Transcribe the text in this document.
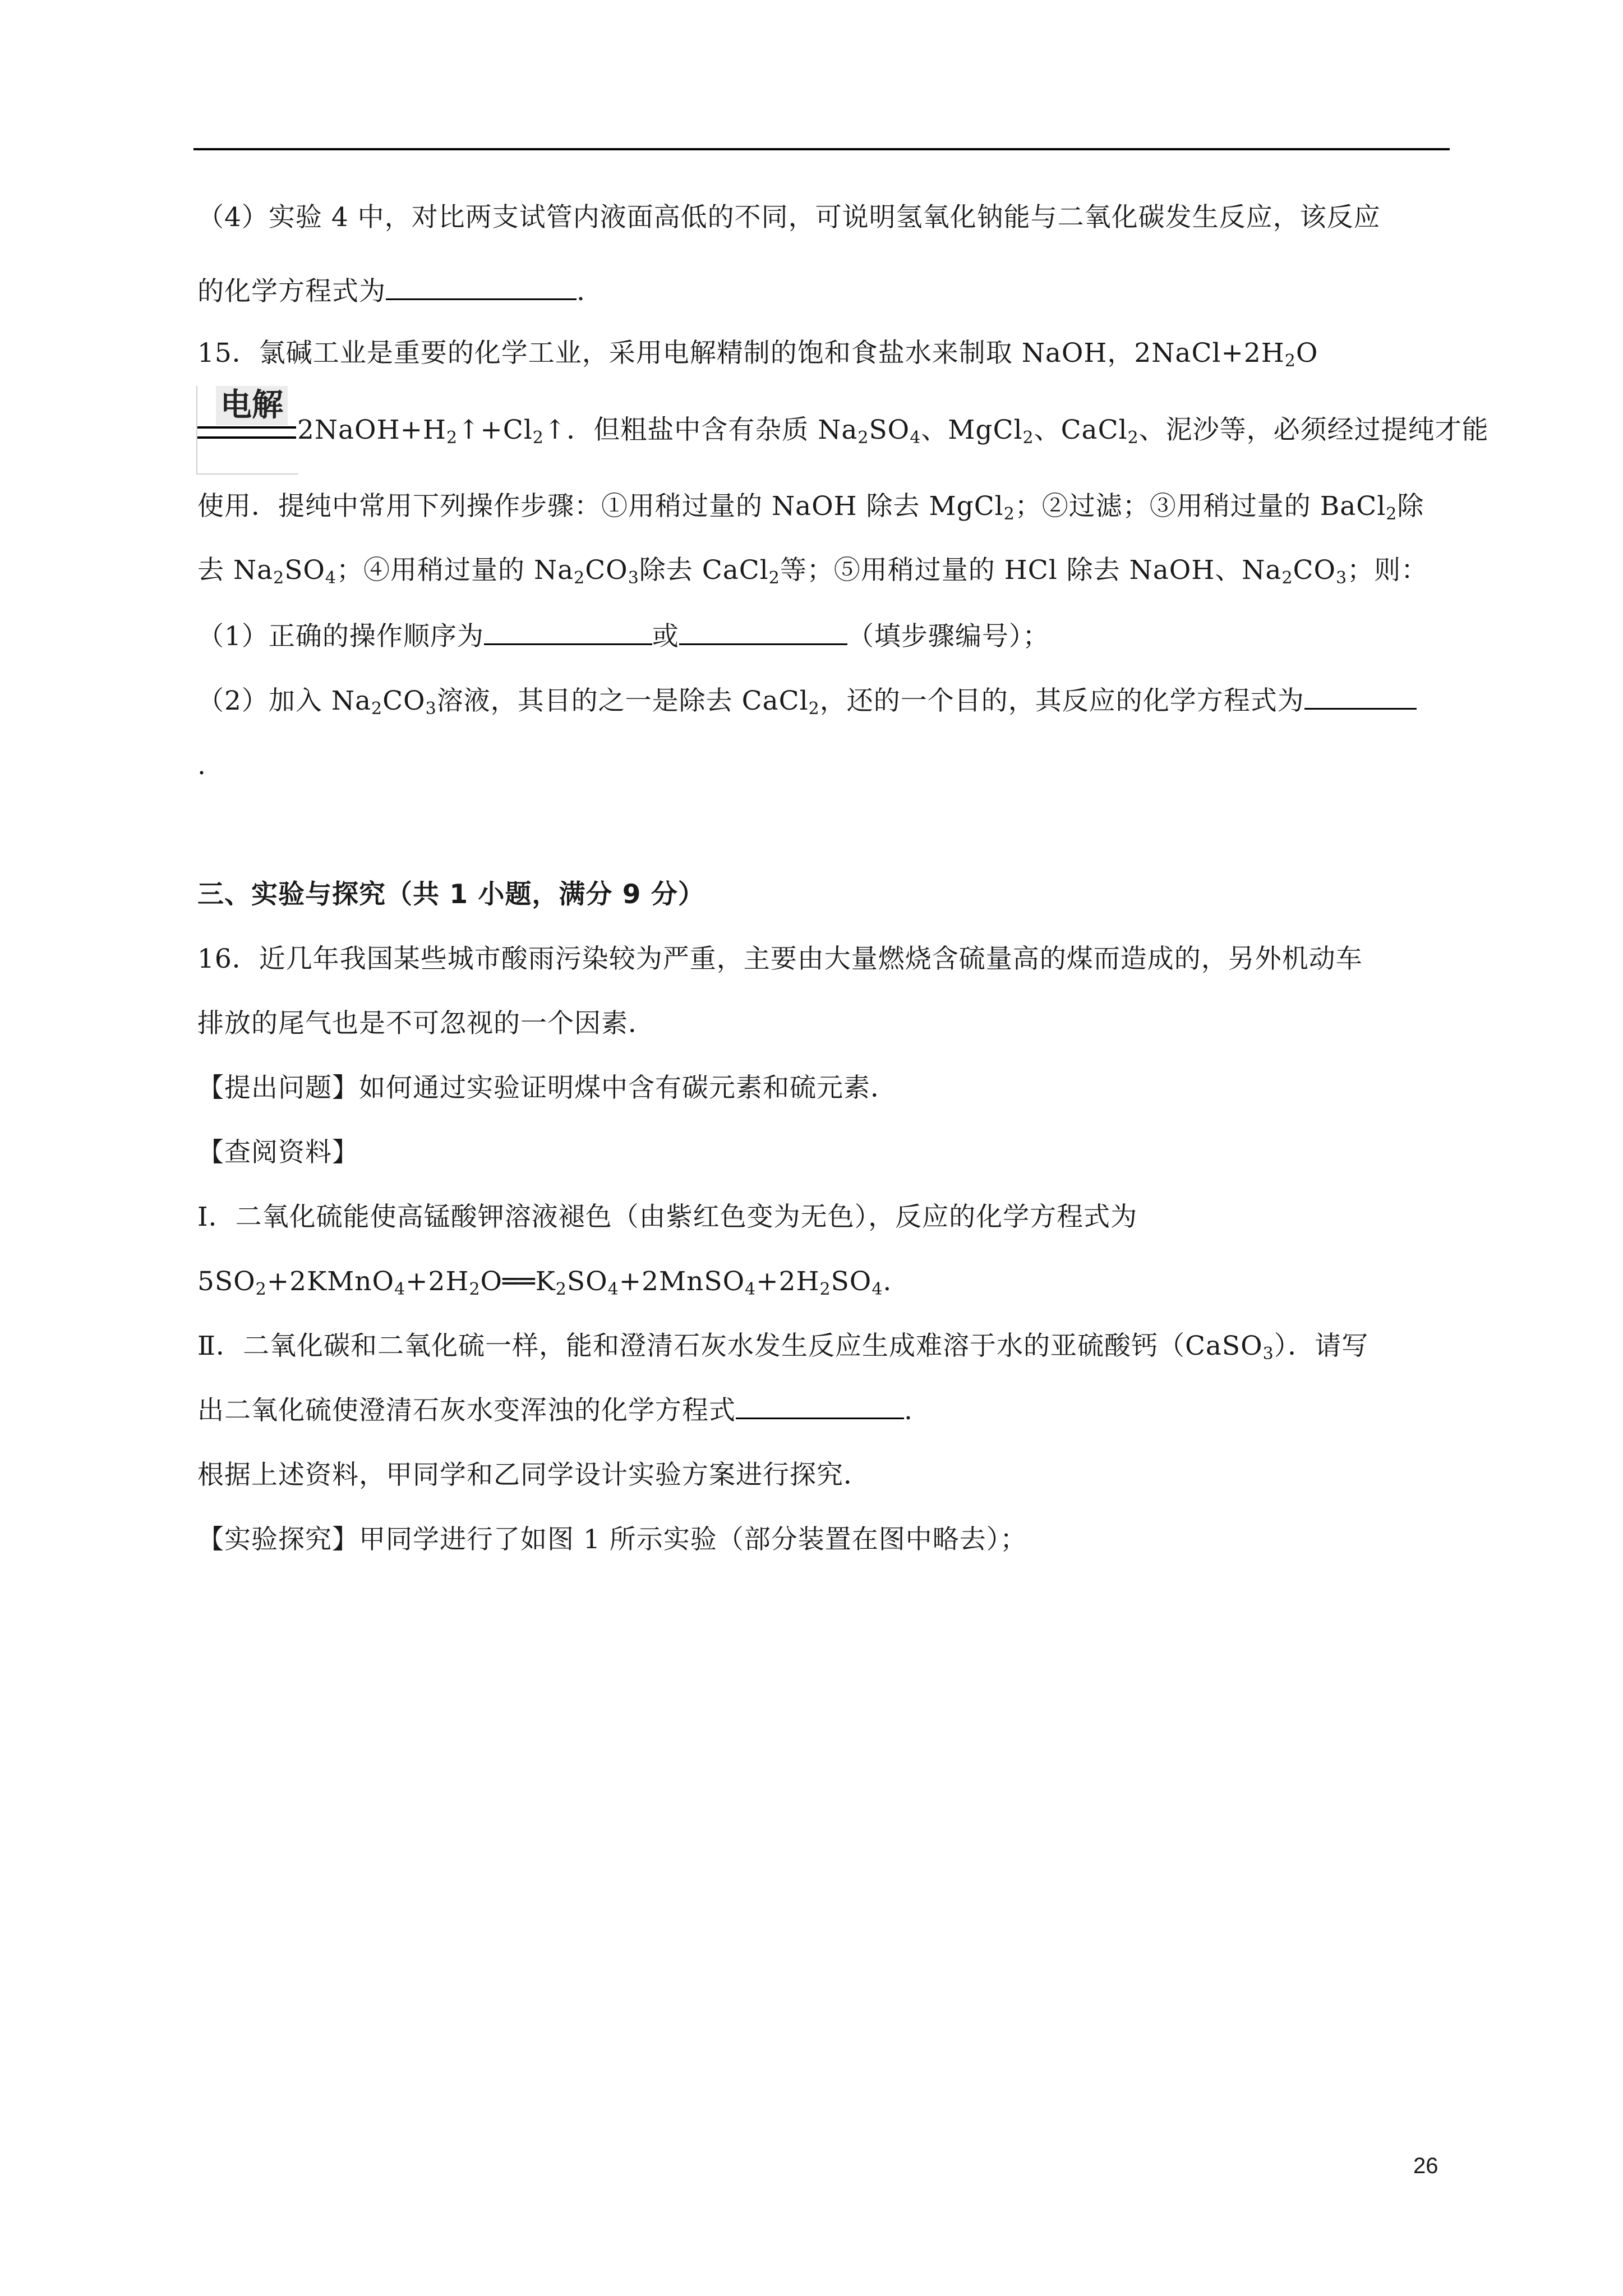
（4）实验 4 中，对比两支试管内液面高低的不同，可说明氢氧化钠能与二氧化碳发生反应，该反应
的化学方程式为	.
15．氯碱工业是重要的化学工业，采用电解精制的饱和食盐水来制取 NaOH，$2NaCl+2H_2O$
电解
$2NaOH+H_2↑+Cl_2↑$．但粗盐中含有杂质 $Na_2SO_4$、MgCl$_2$、CaCl$_2$、泥沙等，必须经过提纯才能
使用．提纯中常用下列操作步骤：①用稍过量的 NaOH 除去 MgCl$_2$；②过滤；③用稍过量的 BaCl$_2$除
去 $Na_2SO_4$；④用稍过量的 $Na_2CO_3$除去 CaCl$_2$等；⑤用稍过量的 HCl 除去 NaOH、$Na_2CO_3$；则：
（1）正确的操作顺序为	或	（填步骤编号）；
（2）加入 $Na_2CO_3$溶液，其目的之一是除去 CaCl$_2$，还的一个目的，其反应的化学方程式为
.
三、实验与探究（共 1 小题，满分 9 分）
16．近几年我国某些城市酸雨污染较为严重，主要由大量燃烧含硫量高的煤而造成的，另外机动车
排放的尾气也是不可忽视的一个因素．
【提出问题】如何通过实验证明煤中含有碳元素和硫元素．
【查阅资料】
Ⅰ．二氧化硫能使高锰酸钾溶液褪色（由紫红色变为无色），反应的化学方程式为
$5SO_2+2KMnO_4+2H_2O══K_2SO_4+2MnSO_4+2H_2SO_4$.
Ⅱ．二氧化碳和二氧化硫一样，能和澄清石灰水发生反应生成难溶于水的亚硫酸钙（CaSO$_3$）．请写
出二氧化硫使澄清石灰水变浑浊的化学方程式	.
根据上述资料，甲同学和乙同学设计实验方案进行探究．
【实验探究】甲同学进行了如图 1 所示实验（部分装置在图中略去）；
26
